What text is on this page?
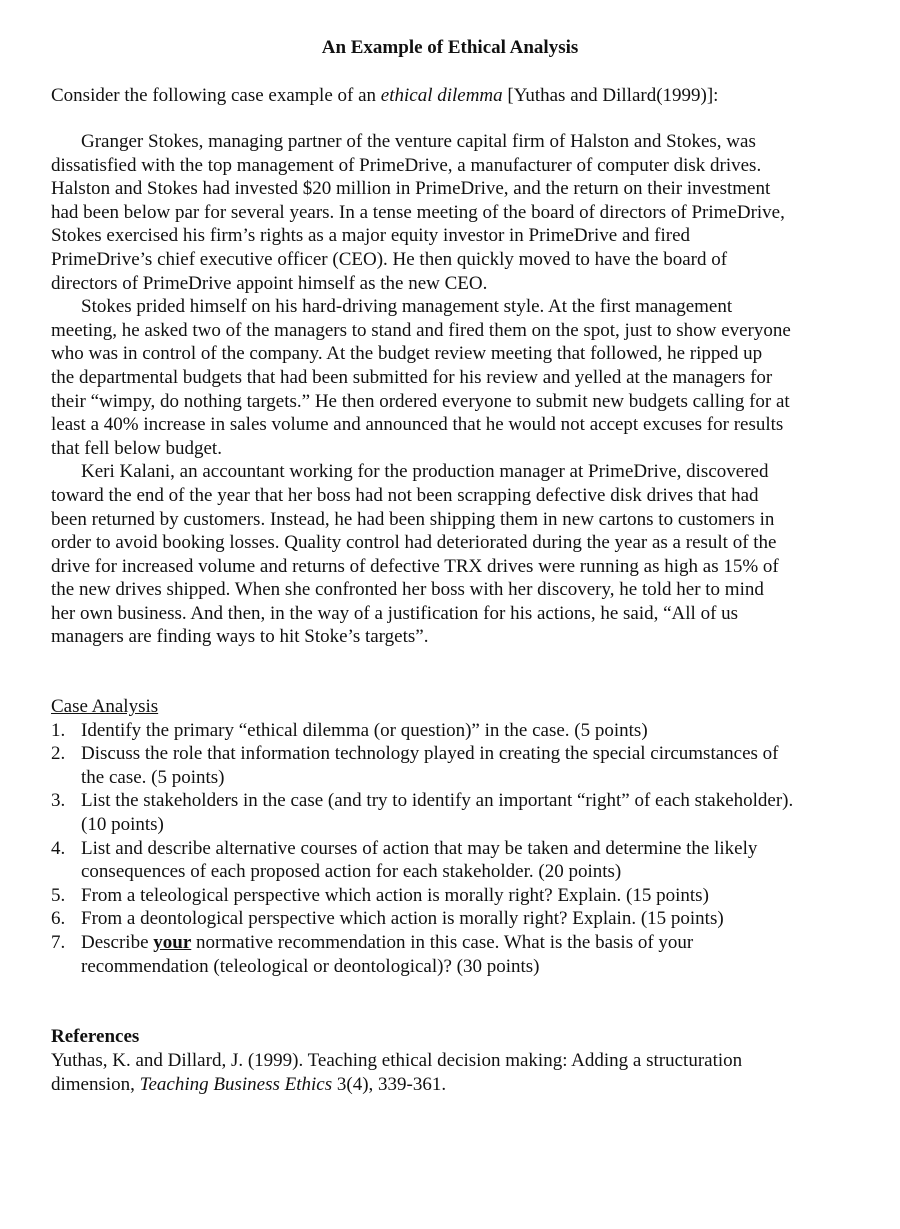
An Example of Ethical Analysis
Consider the following case example of an ethical dilemma [Yuthas and Dillard(1999)]:
Granger Stokes, managing partner of the venture capital firm of Halston and Stokes, was
dissatisfied with the top management of PrimeDrive, a manufacturer of computer disk drives.
Halston and Stokes had invested $20 million in PrimeDrive, and the return on their investment
had been below par for several years. In a tense meeting of the board of directors of PrimeDrive,
Stokes exercised his firm’s rights as a major equity investor in PrimeDrive and fired
PrimeDrive’s chief executive officer (CEO). He then quickly moved to have the board of
directors of PrimeDrive appoint himself as the new CEO.
Stokes prided himself on his hard-driving management style. At the first management
meeting, he asked two of the managers to stand and fired them on the spot, just to show everyone
who was in control of the company. At the budget review meeting that followed, he ripped up
the departmental budgets that had been submitted for his review and yelled at the managers for
their “wimpy, do nothing targets.” He then ordered everyone to submit new budgets calling for at
least a 40% increase in sales volume and announced that he would not accept excuses for results
that fell below budget.
Keri Kalani, an accountant working for the production manager at PrimeDrive, discovered
toward the end of the year that her boss had not been scrapping defective disk drives that had
been returned by customers. Instead, he had been shipping them in new cartons to customers in
order to avoid booking losses. Quality control had deteriorated during the year as a result of the
drive for increased volume and returns of defective TRX drives were running as high as 15% of
the new drives shipped. When she confronted her boss with her discovery, he told her to mind
her own business. And then, in the way of a justification for his actions, he said, “All of us
managers are finding ways to hit Stoke’s targets”.
Case Analysis
1. Identify the primary “ethical dilemma (or question)” in the case. (5 points)
2. Discuss the role that information technology played in creating the special circumstances of
the case. (5 points)
3. List the stakeholders in the case (and try to identify an important “right” of each stakeholder).
(10 points)
4. List and describe alternative courses of action that may be taken and determine the likely
consequences of each proposed action for each stakeholder. (20 points)
5. From a teleological perspective which action is morally right? Explain. (15 points)
6. From a deontological perspective which action is morally right? Explain. (15 points)
7. Describe your normative recommendation in this case. What is the basis of your
recommendation (teleological or deontological)? (30 points)
References
Yuthas, K. and Dillard, J. (1999). Teaching ethical decision making: Adding a structuration
dimension, Teaching Business Ethics 3(4), 339-361.
